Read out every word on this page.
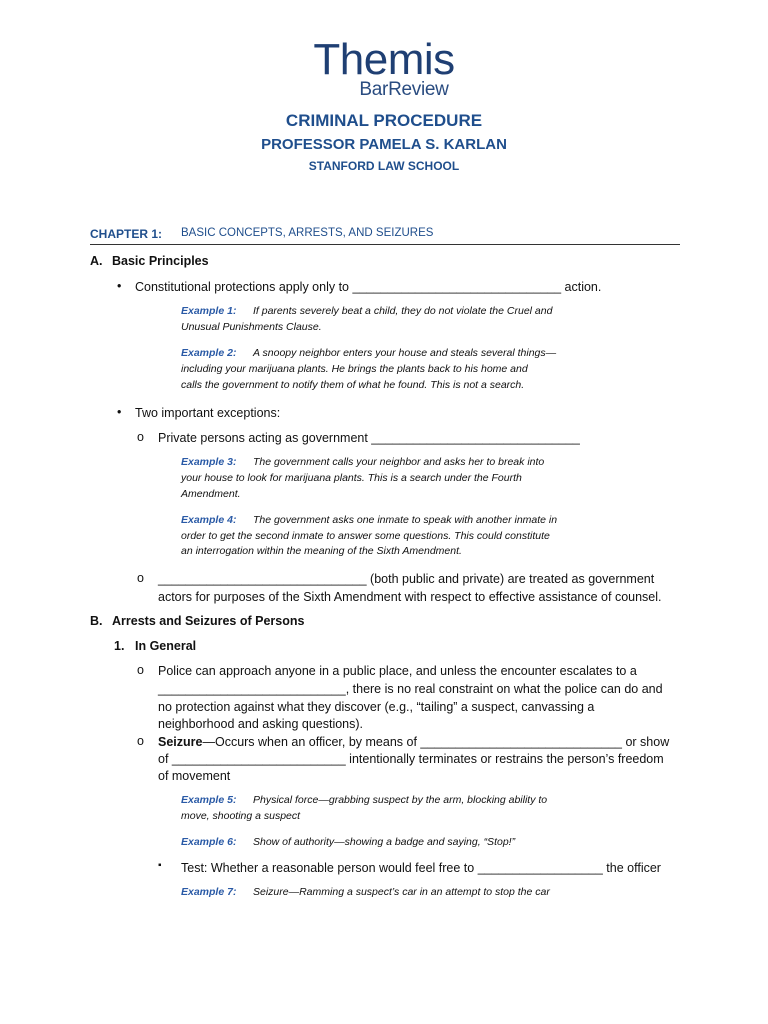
Themis
BarReview
CRIMINAL PROCEDURE
PROFESSOR PAMELA S. KARLAN
STANFORD LAW SCHOOL
CHAPTER 1: BASIC CONCEPTS, ARRESTS, AND SEIZURES
A. Basic Principles
• Constitutional protections apply only to ______________________________ action.
Example 1: If parents severely beat a child, they do not violate the Cruel and
Unusual Punishments Clause.
Example 2: A snoopy neighbor enters your house and steals several things—
including your marijuana plants. He brings the plants back to his home and
calls the government to notify them of what he found. This is not a search.
• Two important exceptions:
o Private persons acting as government ______________________________
Example 3: The government calls your neighbor and asks her to break into
your house to look for marijuana plants. This is a search under the Fourth
Amendment.
Example 4: The government asks one inmate to speak with another inmate in
order to get the second inmate to answer some questions. This could constitute
an interrogation within the meaning of the Sixth Amendment.
o ______________________________ (both public and private) are treated as government
actors for purposes of the Sixth Amendment with respect to effective assistance of counsel.
B. Arrests and Seizures of Persons
1. In General
o Police can approach anyone in a public place, and unless the encounter escalates to a
___________________________, there is no real constraint on what the police can do and
no protection against what they discover (e.g., “tailing” a suspect, canvassing a
neighborhood and asking questions).
o Seizure—Occurs when an officer, by means of _____________________________ or show
of _________________________ intentionally terminates or restrains the person’s freedom
of movement
Example 5: Physical force—grabbing suspect by the arm, blocking ability to
move, shooting a suspect
Example 6: Show of authority—showing a badge and saying, “Stop!”
▪ Test: Whether a reasonable person would feel free to __________________ the officer
Example 7: Seizure—Ramming a suspect’s car in an attempt to stop the car
